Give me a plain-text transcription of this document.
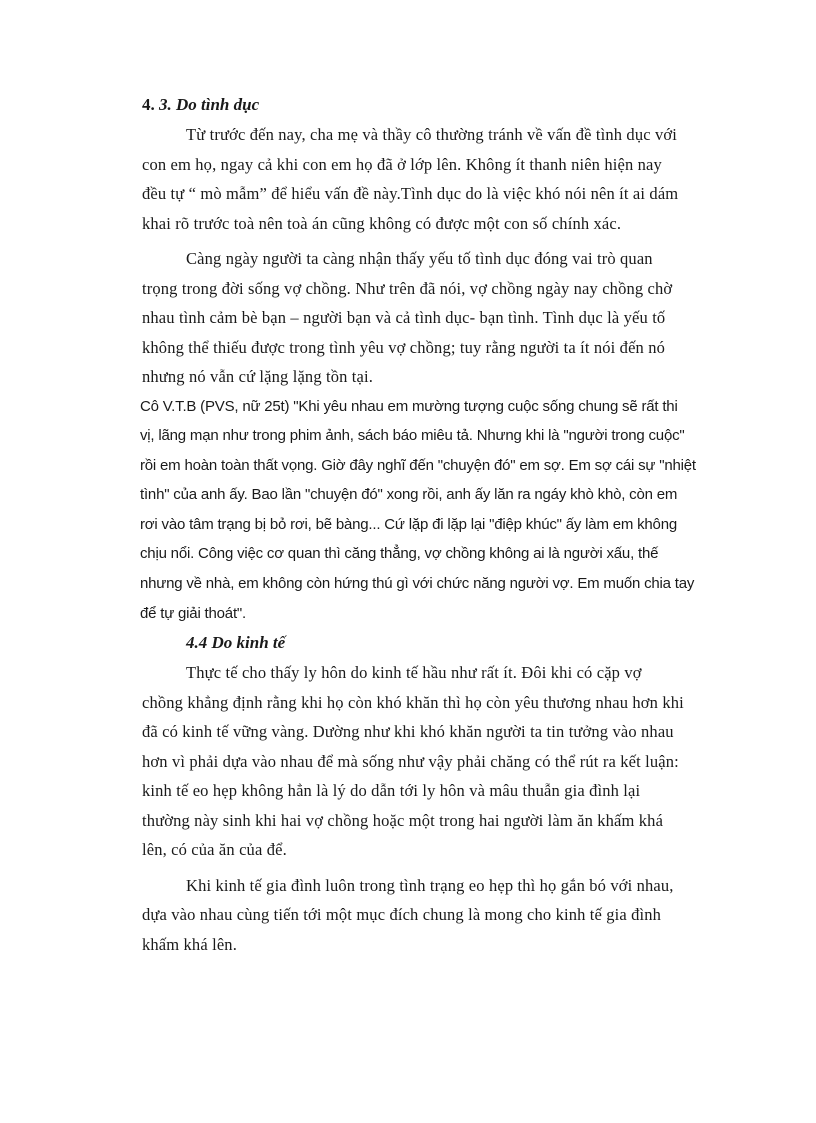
4. 3. Do tình dục

Từ trước đến nay, cha mẹ và thầy cô thường tránh về vấn đề tình dục với
con em họ, ngay cả khi con em họ đã ở lớp lên. Không ít thanh niên hiện nay
đều tự “ mò mẫm” để hiểu vấn đề này.Tình dục do là việc khó nói nên ít ai dám
khai rõ trước toà nên toà án cũng không có được một con số chính xác.

Càng ngày người ta càng nhận thấy yếu tố tình dục đóng vai trò quan
trọng trong đời sống vợ chồng. Như trên đã nói, vợ chồng ngày nay chồng chờ
nhau tình cảm bè bạn – người bạn và cả tình dục- bạn tình. Tình dục là yếu tố
không thể thiếu được trong tình yêu vợ chồng; tuy rằng người ta ít nói đến nó
nhưng nó vẫn cứ lặng lặng tồn tại.

Cô V.T.B (PVS, nữ 25t) "Khi yêu nhau em mường tượng cuộc sống chung sẽ rất thi
vị, lãng mạn như trong phim ảnh, sách báo miêu tả. Nhưng khi là "người trong cuộc"
rồi em hoàn toàn thất vọng. Giờ đây nghĩ đến "chuyện đó" em sợ. Em sợ cái sự "nhiệt
tình" của anh ấy. Bao lần "chuyện đó" xong rồi, anh ấy lăn ra ngáy khò khò, còn em
rơi vào tâm trạng bị bỏ rơi, bẽ bàng... Cứ lặp đi lặp lại "điệp khúc" ấy làm em không
chịu nổi. Công việc cơ quan thì căng thẳng, vợ chồng không ai là người xấu, thế
nhưng về nhà, em không còn hứng thú gì với chức năng người vợ. Em muốn chia tay
để tự giải thoát".

4.4 Do kinh tế

Thực tế cho thấy ly hôn do kinh tế hầu như rất ít. Đôi khi có cặp vợ
chồng khẳng định rằng khi họ còn khó khăn thì họ còn yêu thương nhau hơn khi
đã có kinh tế vững vàng. Dường như khi khó khăn người ta tin tưởng vào nhau
hơn vì phải dựa vào nhau để mà sống như vậy phải chăng có thể rút ra kết luận:
kinh tế eo hẹp không hẳn là lý do dẫn tới ly hôn và mâu thuẫn gia đình lại
thường này sinh khi hai vợ chồng hoặc một trong hai người làm ăn khấm khá
lên, có của ăn của để.

Khi kinh tế gia đình luôn trong tình trạng eo hẹp thì họ gắn bó với nhau,
dựa vào nhau cùng tiến tới một mục đích chung là mong cho kinh tế gia đình
khấm khá lên.
